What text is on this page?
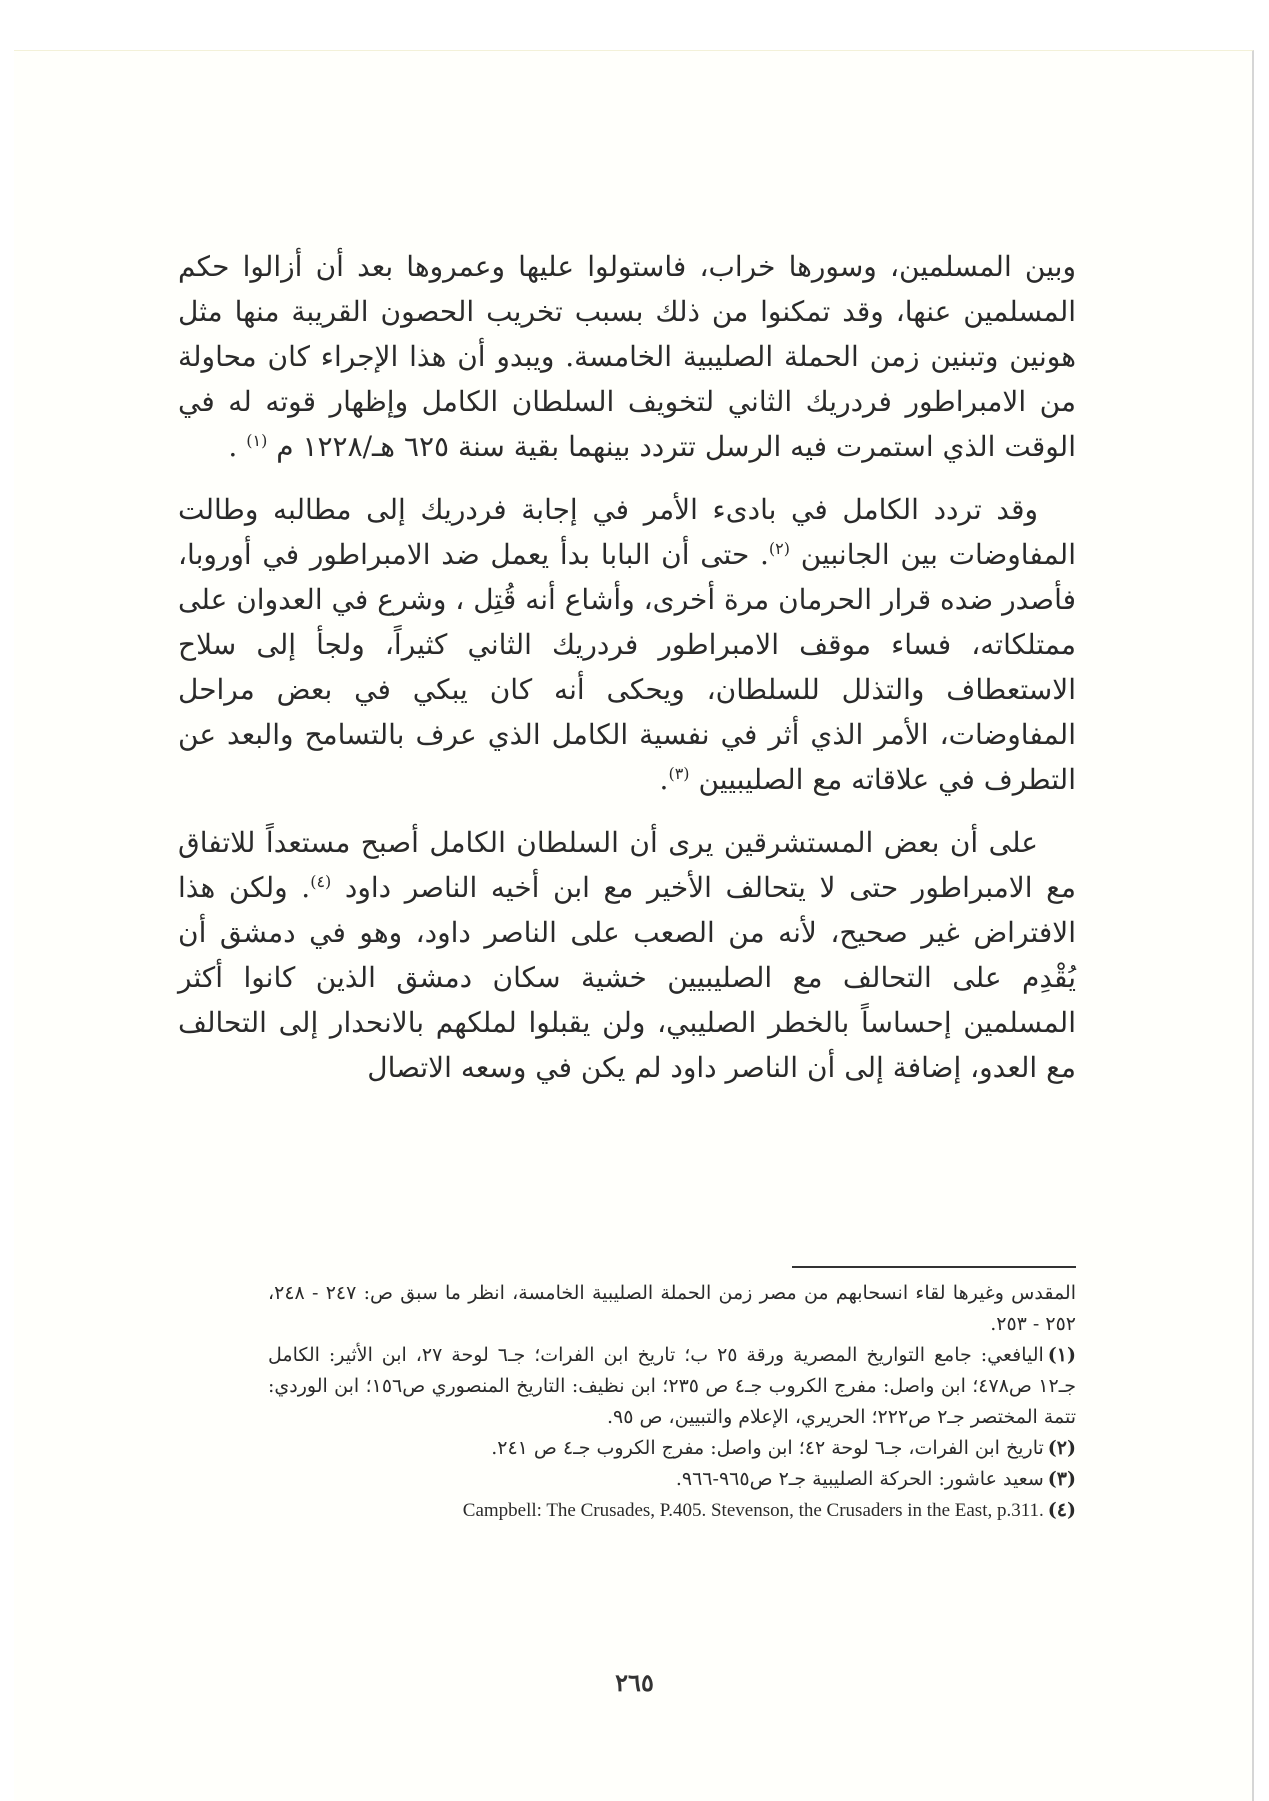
وبين المسلمين، وسورها خراب، فاستولوا عليها وعمروها بعد أن أزالوا حكم المسلمين عنها، وقد تمكنوا من ذلك بسبب تخريب الحصون القريبة منها مثل هونين وتبنين زمن الحملة الصليبية الخامسة. ويبدو أن هذا الإجراء كان محاولة من الامبراطور فردريك الثاني لتخويف السلطان الكامل وإظهار قوته له في الوقت الذي استمرت فيه الرسل تتردد بينهما بقية سنة ٦٢٥ هـ/١٢٢٨ م $^{(١)}$ .

وقد تردد الكامل في بادىء الأمر في إجابة فردريك إلى مطالبه وطالت المفاوضات بين الجانبين $^{(٢)}$. حتى أن البابا بدأ يعمل ضد الامبراطور في أوروبا، فأصدر ضده قرار الحرمان مرة أخرى، وأشاع أنه قُتِل ، وشرع في العدوان على ممتلكاته، فساء موقف الامبراطور فردريك الثاني كثيراً، ولجأ إلى سلاح الاستعطاف والتذلل للسلطان، ويحكى أنه كان يبكي في بعض مراحل المفاوضات، الأمر الذي أثر في نفسية الكامل الذي عرف بالتسامح والبعد عن التطرف في علاقاته مع الصليبيين $^{(٣)}$.

على أن بعض المستشرقين يرى أن السلطان الكامل أصبح مستعداً للاتفاق مع الامبراطور حتى لا يتحالف الأخير مع ابن أخيه الناصر داود $^{(٤)}$. ولكن هذا الافتراض غير صحيح، لأنه من الصعب على الناصر داود، وهو في دمشق أن يُقْدِم على التحالف مع الصليبيين خشية سكان دمشق الذين كانوا أكثر المسلمين إحساساً بالخطر الصليبي، ولن يقبلوا لملكهم بالانحدار إلى التحالف مع العدو، إضافة إلى أن الناصر داود لم يكن في وسعه الاتصال

المقدس وغيرها لقاء انسحابهم من مصر زمن الحملة الصليبية الخامسة، انظر ما سبق ص: ٢٤٧ - ٢٤٨، ٢٥٢ - ٢٥٣.

(١)اليافعي: جامع التواريخ المصرية ورقة ٢٥ ب؛ تاريخ ابن الفرات؛ جـ٦ لوحة ٢٧، ابن الأثير: الكامل جـ١٢ ص٤٧٨؛ ابن واصل: مفرج الكروب جـ٤ ص ٢٣٥؛ ابن نظيف: التاريخ المنصوري ص١٥٦؛ ابن الوردي: تتمة المختصر جـ٢ ص٢٢٢؛ الحريري، الإعلام والتبيين، ص ٩٥.

(٢)تاريخ ابن الفرات، جـ٦ لوحة ٤٢؛ ابن واصل: مفرج الكروب جـ٤ ص ٢٤١.

(٣)سعيد عاشور: الحركة الصليبية جـ٢ ص٩٦٥-٩٦٦.

(٤)Campbell: The Crusades, P.405. Stevenson, the Crusaders in the East, p.311.

٢٦٥
